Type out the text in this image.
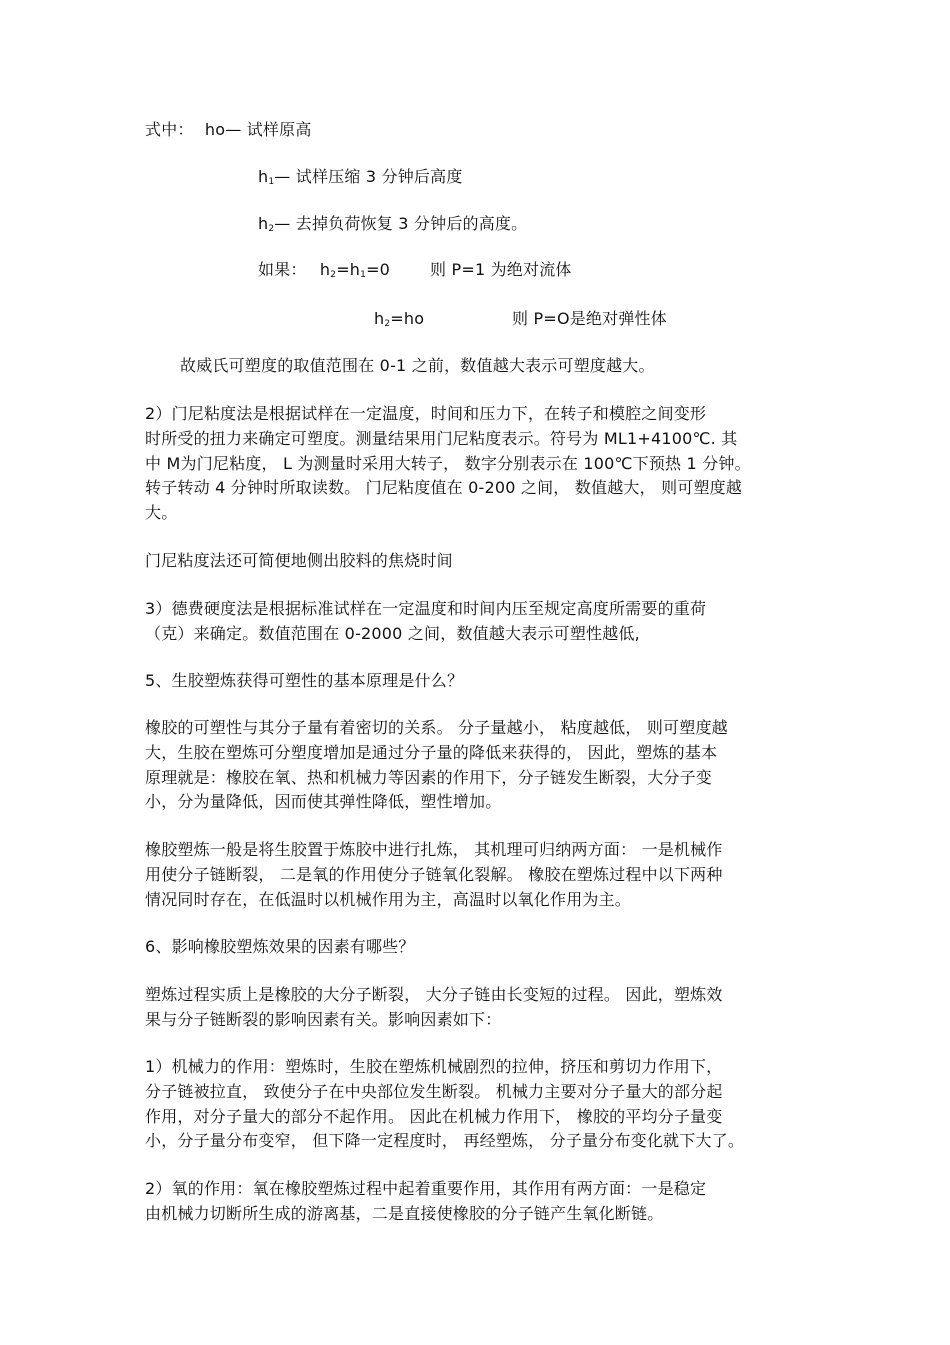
式中： ho— 试样原高
$h_1—$ 试样压缩 3 分钟后高度
$h_2—$ 去掉负荷恢复 3 分钟后的高度。
如果： $h_2=h_1=0$ 则 P=1 为绝对流体
$h_2=ho$	则 P=O是绝对弹性体
故威氏可塑度的取值范围在 0-1 之前，数值越大表示可塑度越大。
2）门尼粘度法是根据试样在一定温度，时间和压力下，在转子和模腔之间变形
时所受的扭力来确定可塑度。测量结果用门尼粘度表示。符号为 ML1+4100℃. 其
中 M为门尼粘度， L 为测量时采用大转子， 数字分别表示在 100℃下预热 1 分钟。
转子转动 4 分钟时所取读数。 门尼粘度值在 0-200 之间， 数值越大， 则可塑度越
大。
门尼粘度法还可简便地侧出胶料的焦烧时间
3）德费硬度法是根据标准试样在一定温度和时间内压至规定高度所需要的重荷
（克）来确定。数值范围在 0-2000 之间，数值越大表示可塑性越低,
5、生胶塑炼获得可塑性的基本原理是什么？
橡胶的可塑性与其分子量有着密切的关系。 分子量越小， 粘度越低， 则可塑度越
大，生胶在塑炼可分塑度增加是通过分子量的降低来获得的， 因此，塑炼的基本
原理就是：橡胶在氧、热和机械力等因素的作用下，分子链发生断裂，大分子变
小，分为量降低，因而使其弹性降低，塑性增加。
橡胶塑炼一般是将生胶置于炼胶中进行扎炼， 其机理可归纳两方面： 一是机械作
用使分子链断裂， 二是氧的作用使分子链氧化裂解。 橡胶在塑炼过程中以下两种
情况同时存在，在低温时以机械作用为主，高温时以氧化作用为主。
6、影响橡胶塑炼效果的因素有哪些？
塑炼过程实质上是橡胶的大分子断裂， 大分子链由长变短的过程。 因此，塑炼效
果与分子链断裂的影响因素有关。影响因素如下：
1）机械力的作用：塑炼时，生胶在塑炼机械剧烈的拉伸，挤压和剪切力作用下，
分子链被拉直， 致使分子在中央部位发生断裂。 机械力主要对分子量大的部分起
作用，对分子量大的部分不起作用。 因此在机械力作用下， 橡胶的平均分子量变
小，分子量分布变窄， 但下降一定程度时， 再经塑炼， 分子量分布变化就下大了。
2）氧的作用：氧在橡胶塑炼过程中起着重要作用，其作用有两方面：一是稳定
由机械力切断所生成的游离基，二是直接使橡胶的分子链产生氧化断链。
